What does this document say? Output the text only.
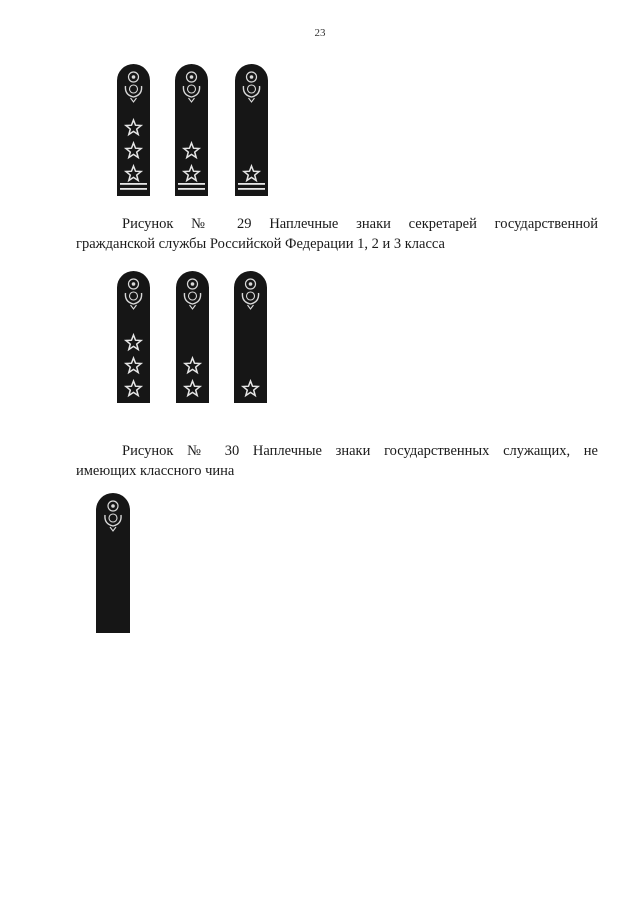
23
Рисунок № 29 Наплечные знаки секретарей государственной
гражданской службы Российской Федерации 1, 2 и 3 класса
Рисунок № 30 Наплечные знаки государственных служащих, не
имеющих классного чина
